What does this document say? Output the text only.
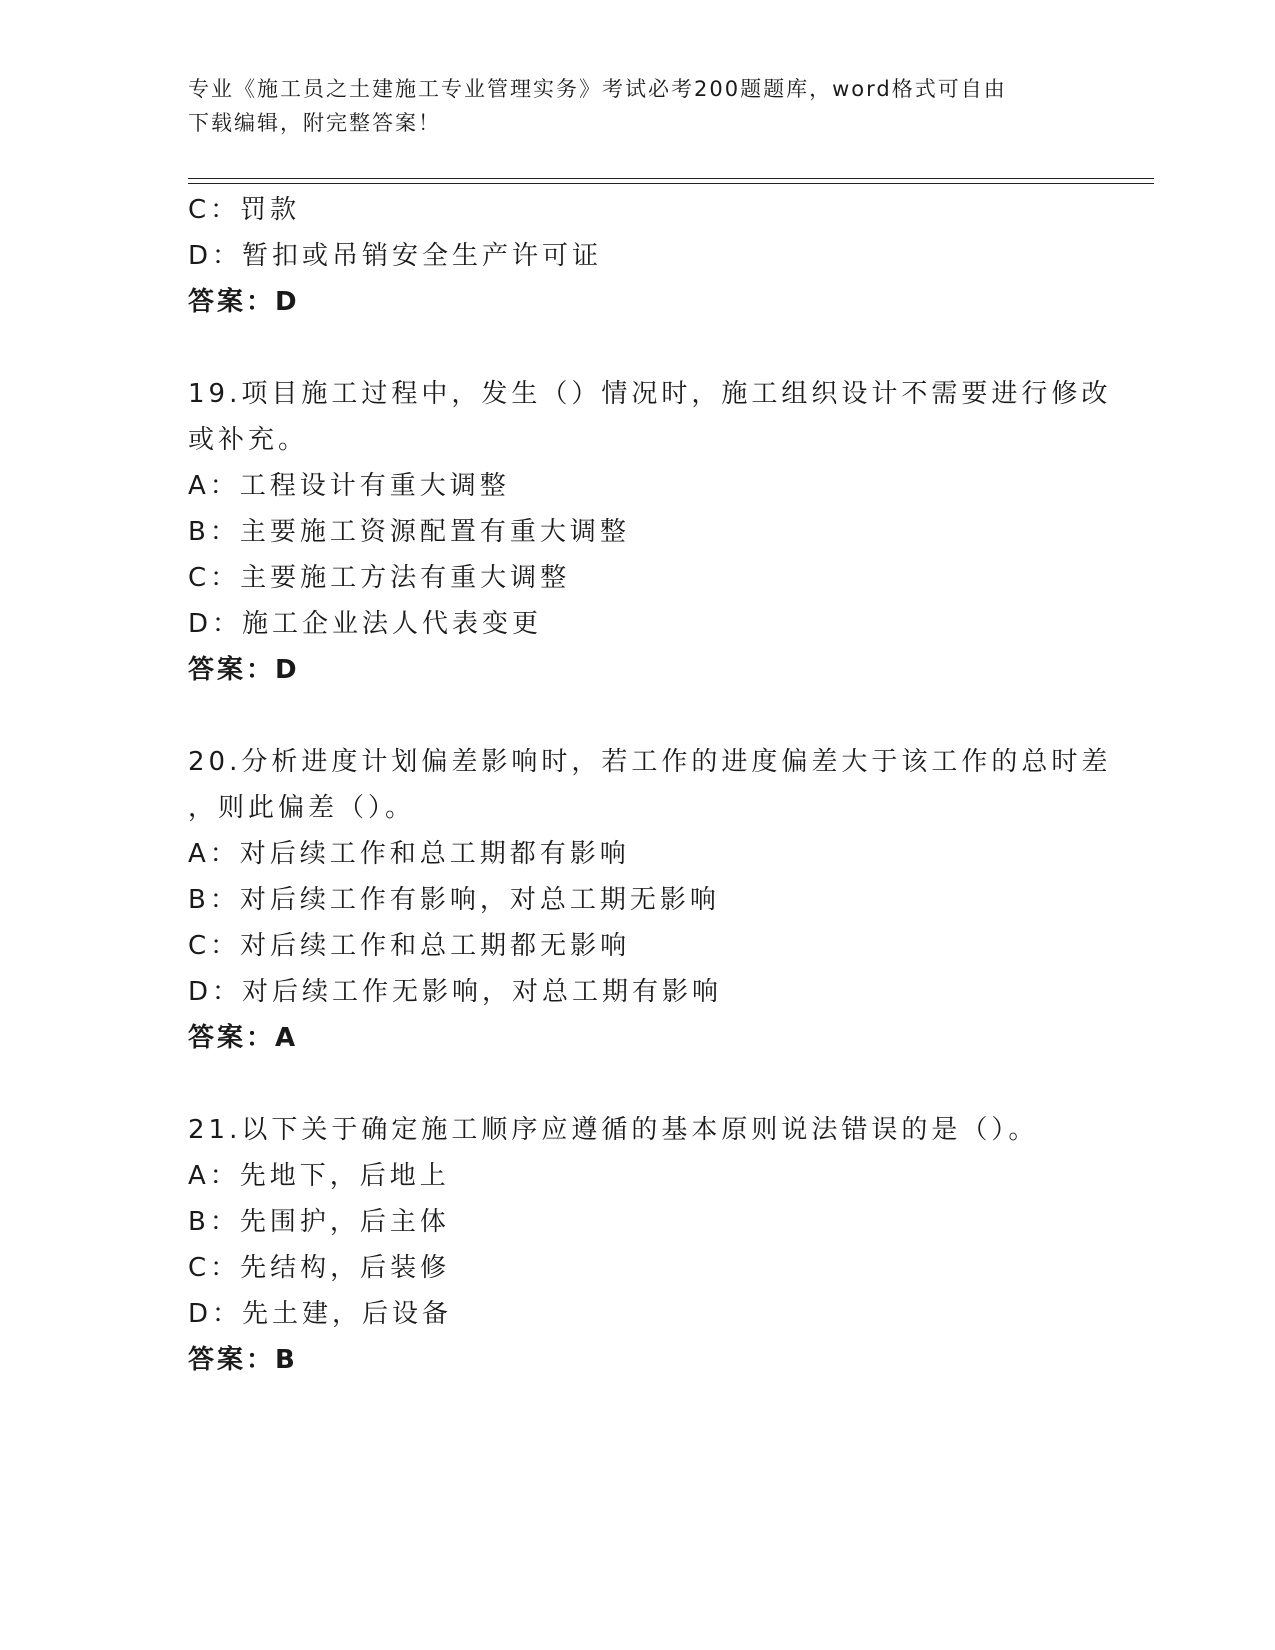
专业《施工员之土建施工专业管理实务》考试必考200题题库，word格式可自由
下载编辑，附完整答案！
C：罚款
D：暂扣或吊销安全生产许可证
答案：D
19.项目施工过程中，发生（）情况时，施工组织设计不需要进行修改
或补充。
A：工程设计有重大调整
B：主要施工资源配置有重大调整
C：主要施工方法有重大调整
D：施工企业法人代表变更
答案：D
20.分析进度计划偏差影响时，若工作的进度偏差大于该工作的总时差
，则此偏差（）。
A：对后续工作和总工期都有影响
B：对后续工作有影响，对总工期无影响
C：对后续工作和总工期都无影响
D：对后续工作无影响，对总工期有影响
答案：A
21.以下关于确定施工顺序应遵循的基本原则说法错误的是（）。
A：先地下，后地上
B：先围护，后主体
C：先结构，后装修
D：先土建，后设备
答案：B
